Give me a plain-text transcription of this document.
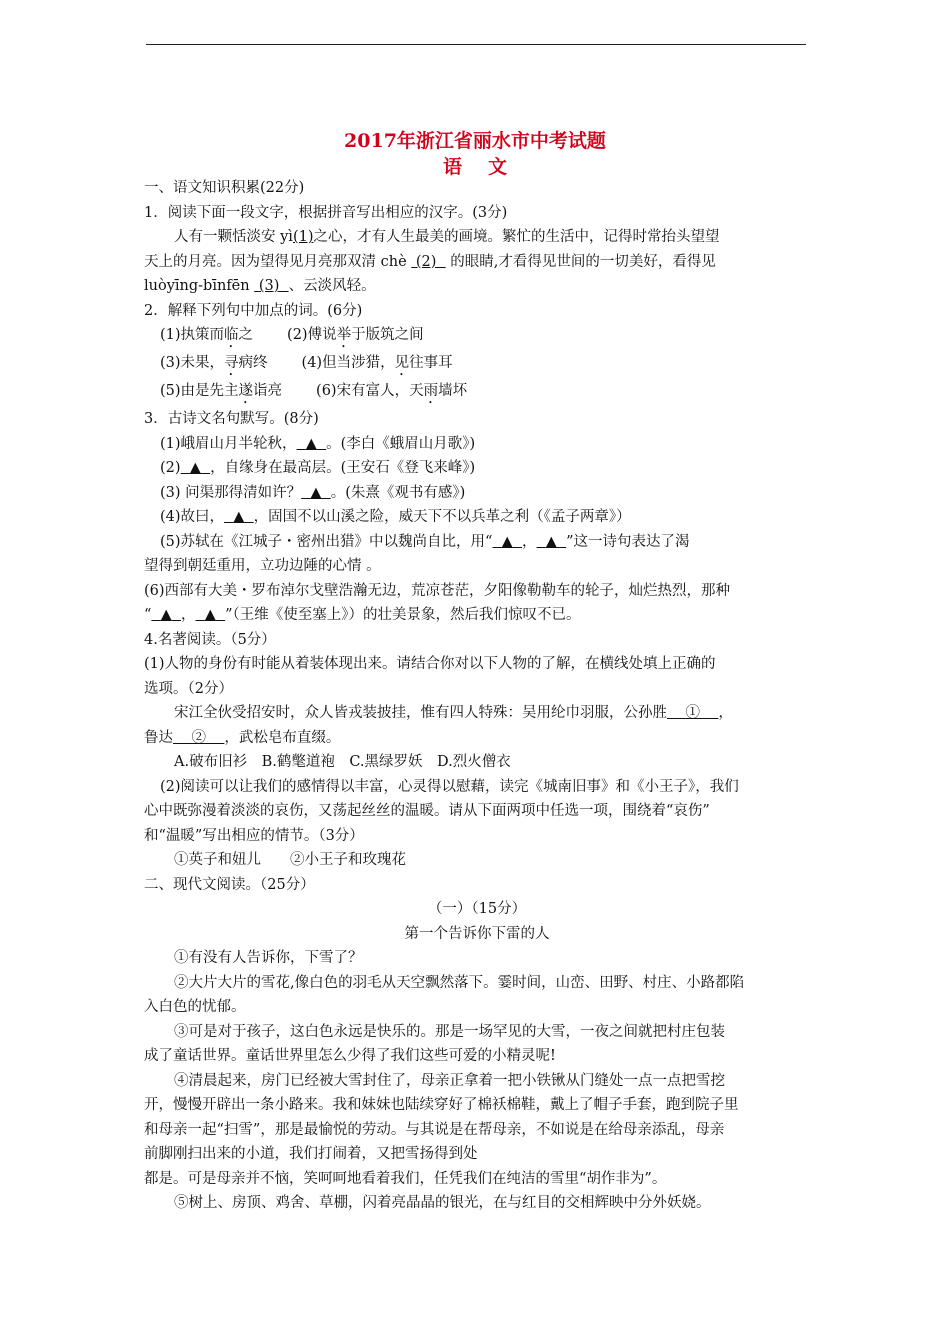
2017年浙江省丽水市中考试题
语文

一、语文知识积累(22分)

1．阅读下面一段文字，根据拼音写出相应的汉字。(3分)

人有一颗恬淡安 yì(1)之心，才有人生最美的画境。繁忙的生活中，记得时常抬头望望

天上的月亮。因为望得见月亮那双清 chè (2) 的眼睛,才看得见世间的一切美好，看得见

luòyīng-bīnfēn (3) 、云淡风轻。

2．解释下列句中加点的词。(6分)

(1)执策而临之 (2)傅说举于版筑之间

(3)未果，寻病终 (4)但当涉猎，见往事耳

(5)由是先主遂诣亮 (6)宋有富人，天雨墙坏

3．古诗文名句默写。(8分)

(1)峨眉山月半轮秋， ▲ 。(李白《蛾眉山月歌》)

(2) ▲ ，自缘身在最高层。(王安石《登飞来峰》)

(3) 问渠那得清如许？ ▲ 。(朱熹《观书有感》)

(4)故曰， ▲ ，固国不以山溪之险，威天下不以兵革之利（《孟子两章》）

(5)苏轼在《江城子・密州出猎》中以魏尚自比，用“ ▲ ， ▲ ”这一诗句表达了渴

望得到朝廷重用，立功边陲的心情 。

(6)西部有大美・罗布淖尔戈壁浩瀚无边，荒凉苍茫，夕阳像勒勒车的轮子，灿烂热烈，那种

“ ▲ ， ▲ ”（王维《使至塞上》）的壮美景象，然后我们惊叹不已。

4.名著阅读。（5分）

(1)人物的身份有时能从着装体现出来。请结合你对以下人物的了解，在横线处填上正确的

选项。（2分）

宋江全伙受招安时，众人皆戎装披挂，惟有四人特殊：吴用纶巾羽服，公孙胜 ① ，

鲁达 ② ，武松皂布直缀。

A.破布旧衫　B.鹤氅道袍　C.黑绿罗妖　D.烈火僧衣

(2)阅读可以让我们的感情得以丰富，心灵得以慰藉，读完《城南旧事》和《小王子》，我们

心中既弥漫着淡淡的哀伤，又荡起丝丝的温暖。请从下面两项中任选一项，围绕着“哀伤”

和“温暖”写出相应的情节。（3分）

①英子和妞儿　　②小王子和玫瑰花

二、现代文阅读。（25分）

（一）（15分）

第一个告诉你下雷的人

①有没有人告诉你，下雪了？

②大片大片的雪花,像白色的羽毛从天空飘然落下。霎时间，山峦、田野、村庄、小路都陷

入白色的忧郁。

③可是对于孩子，这白色永远是快乐的。那是一场罕见的大雪，一夜之间就把村庄包装

成了童话世界。童话世界里怎么少得了我们这些可爱的小精灵呢!

④清晨起来，房门已经被大雪封住了，母亲正拿着一把小铁锹从门缝处一点一点把雪挖

开，慢慢开辟出一条小路来。我和妹妹也陆续穿好了棉袄棉鞋，戴上了帽子手套，跑到院子里

和母亲一起“扫雪”，那是最愉悦的劳动。与其说是在帮母亲，不如说是在给母亲添乱，母亲

前脚刚扫出来的小道，我们打闹着，又把雪扬得到处

都是。可是母亲并不恼，笑呵呵地看着我们，任凭我们在纯洁的雪里“胡作非为”。

⑤树上、房顶、鸡舍、草棚，闪着亮晶晶的银光，在与红目的交相辉映中分外妖娆。
